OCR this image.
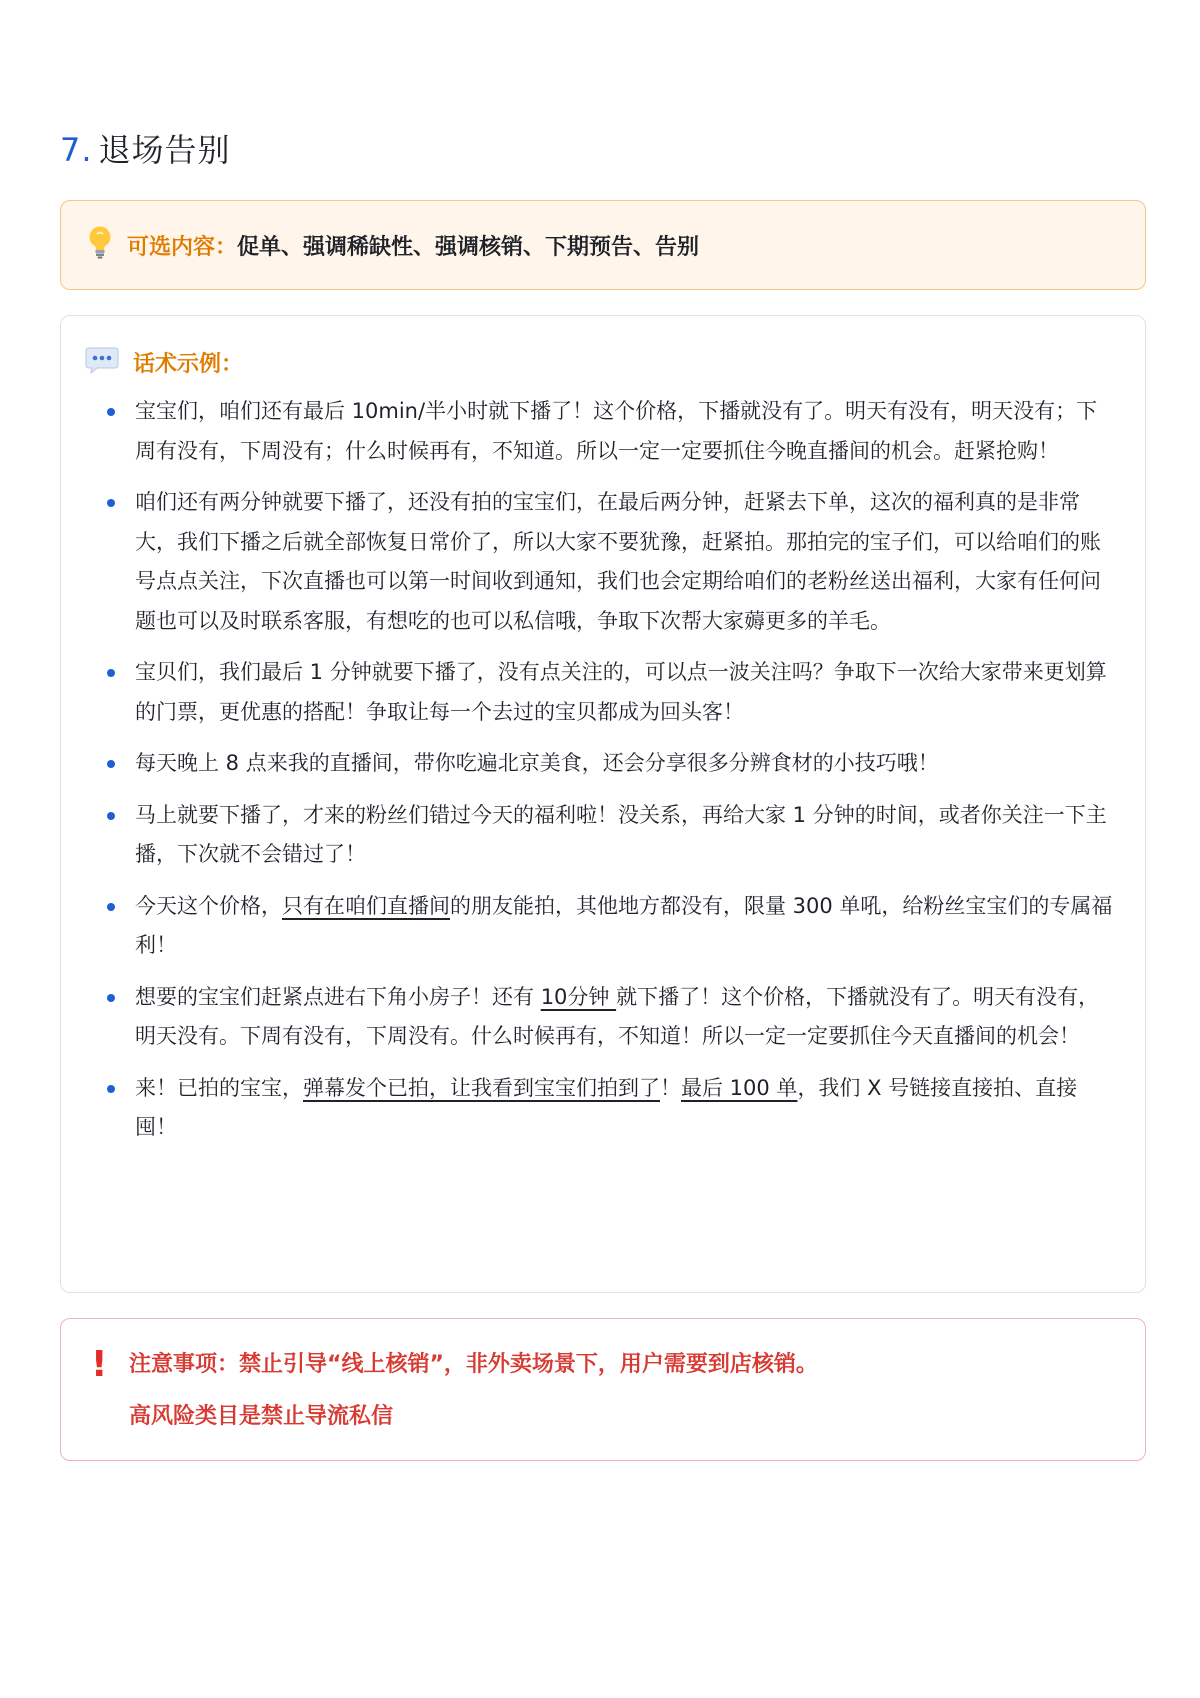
7. 退场告别
可选内容：促单、强调稀缺性、强调核销、下期预告、告别
话术示例：
宝宝们，咱们还有最后 10min/半小时就下播了！这个价格，下播就没有了。明天有没有，明天没有；下周有没有，下周没有；什么时候再有，不知道。所以一定一定要抓住今晚直播间的机会。赶紧抢购！
咱们还有两分钟就要下播了，还没有拍的宝宝们，在最后两分钟，赶紧去下单，这次的福利真的是非常大，我们下播之后就全部恢复日常价了，所以大家不要犹豫，赶紧拍。那拍完的宝子们，可以给咱们的账号点点关注，下次直播也可以第一时间收到通知，我们也会定期给咱们的老粉丝送出福利，大家有任何问题也可以及时联系客服，有想吃的也可以私信哦，争取下次帮大家薅更多的羊毛。
宝贝们，我们最后 1 分钟就要下播了，没有点关注的，可以点一波关注吗？争取下一次给大家带来更划算的门票，更优惠的搭配！争取让每一个去过的宝贝都成为回头客！
每天晚上 8 点来我的直播间，带你吃遍北京美食，还会分享很多分辨食材的小技巧哦！
马上就要下播了，才来的粉丝们错过今天的福利啦！没关系，再给大家 1 分钟的时间，或者你关注一下主播，下次就不会错过了！
今天这个价格，只有在咱们直播间的朋友能拍，其他地方都没有，限量 300 单吼，给粉丝宝宝们的专属福利！
想要的宝宝们赶紧点进右下角小房子！还有 10分钟 就下播了！这个价格，下播就没有了。明天有没有，明天没有。下周有没有，下周没有。什么时候再有，不知道！所以一定一定要抓住今天直播间的机会！
来！已拍的宝宝，弹幕发个已拍，让我看到宝宝们拍到了！最后 100 单，我们 X 号链接直接拍、直接囤！
! 注意事项：禁止引导“线上核销”，非外卖场景下，用户需要到店核销。
高风险类目是禁止导流私信
